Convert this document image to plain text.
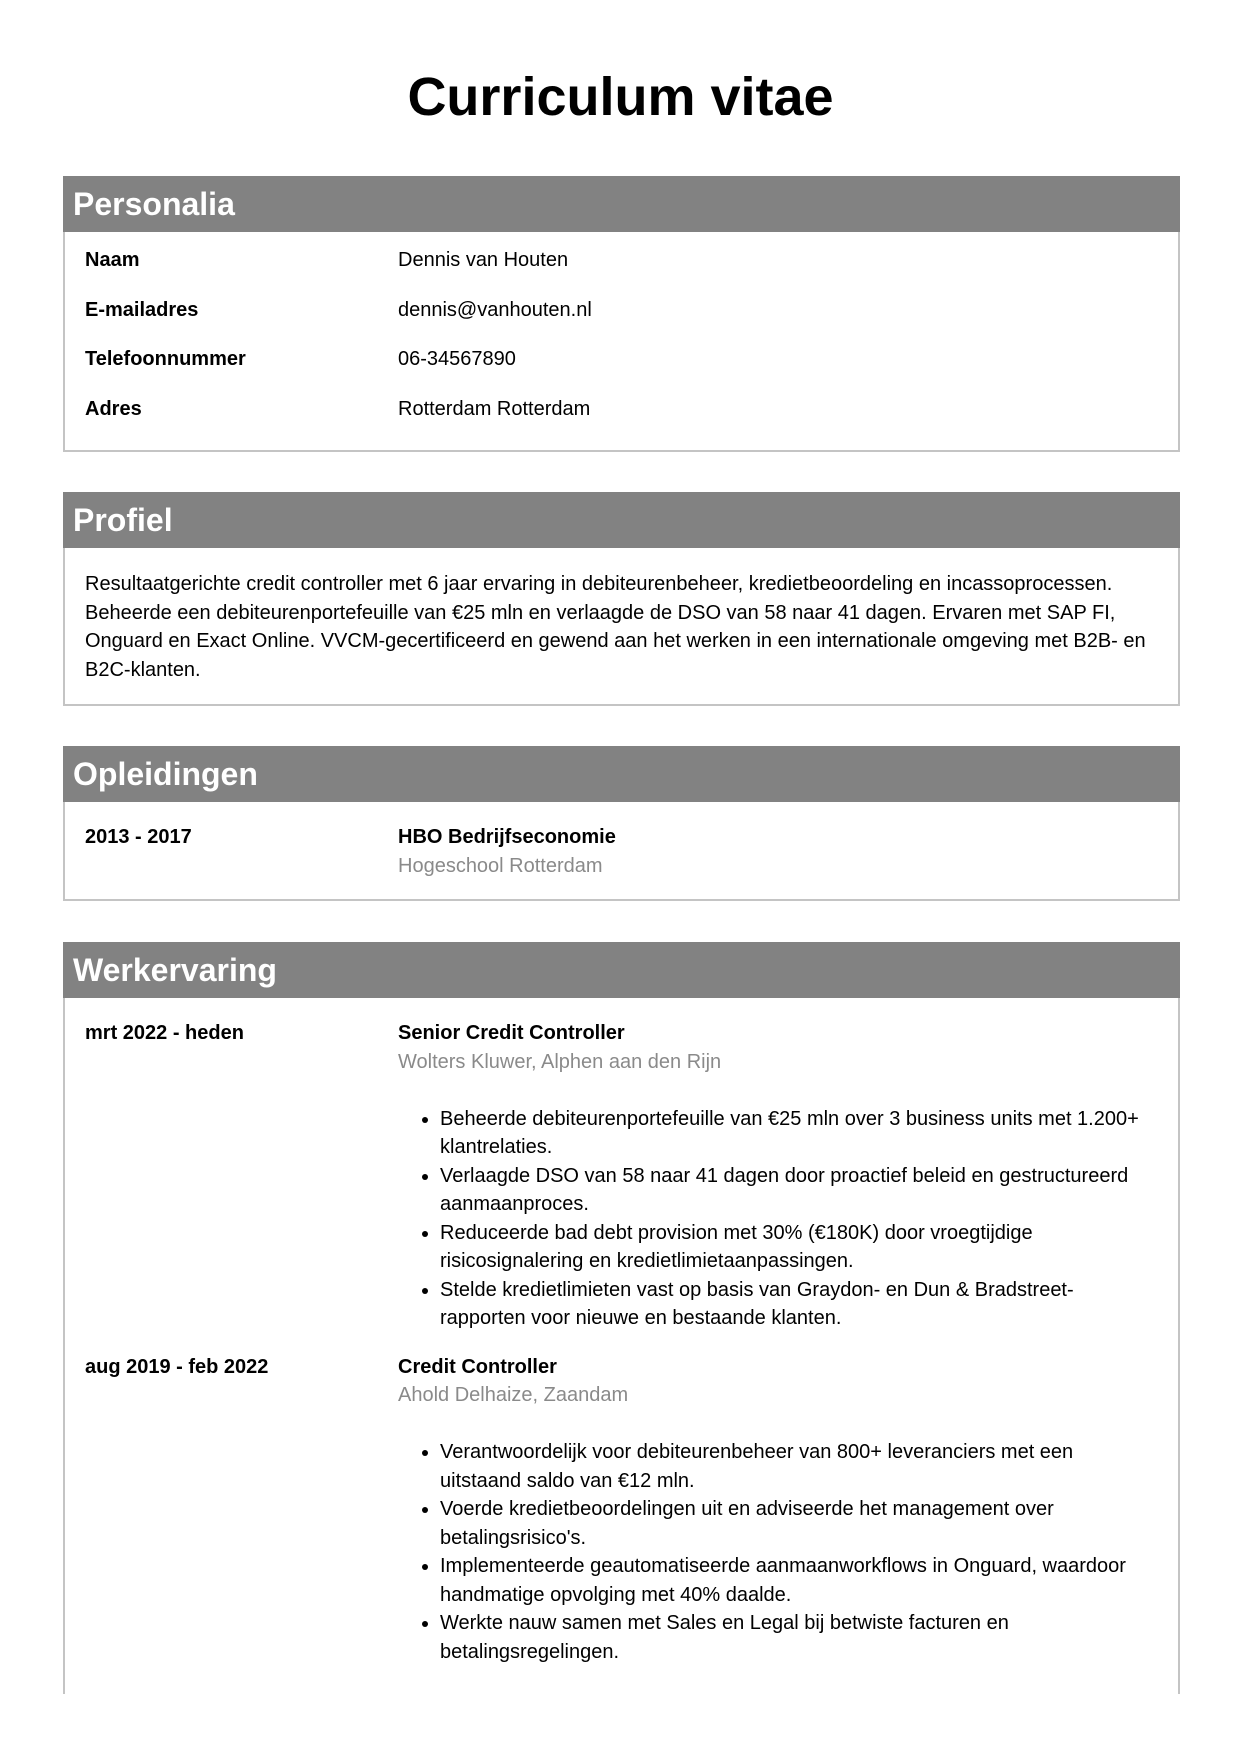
Curriculum vitae
Personalia
Naam	Dennis van Houten
E-mailadres	dennis@vanhouten.nl
Telefoonnummer	06-34567890
Adres	Rotterdam Rotterdam
Profiel
Resultaatgerichte credit controller met 6 jaar ervaring in debiteurenbeheer, kredietbeoordeling en incassoprocessen. Beheerde een debiteurenportefeuille van €25 mln en verlaagde de DSO van 58 naar 41 dagen. Ervaren met SAP FI, Onguard en Exact Online. VVCM-gecertificeerd en gewend aan het werken in een internationale omgeving met B2B- en B2C-klanten.
Opleidingen
2013 - 2017	HBO Bedrijfseconomie
Hogeschool Rotterdam
Werkervaring
mrt 2022 - heden	Senior Credit Controller
Wolters Kluwer, Alphen aan den Rijn
• Beheerde debiteurenportefeuille van €25 mln over 3 business units met 1.200+ klantrelaties.
• Verlaagde DSO van 58 naar 41 dagen door proactief beleid en gestructureerd aanmaanproces.
• Reduceerde bad debt provision met 30% (€180K) door vroegtijdige risicosignalering en kredietlimietaanpassingen.
• Stelde kredietlimieten vast op basis van Graydon- en Dun & Bradstreet-rapporten voor nieuwe en bestaande klanten.
aug 2019 - feb 2022	Credit Controller
Ahold Delhaize, Zaandam
• Verantwoordelijk voor debiteurenbeheer van 800+ leveranciers met een uitstaand saldo van €12 mln.
• Voerde kredietbeoordelingen uit en adviseerde het management over betalingsrisico's.
• Implementeerde geautomatiseerde aanmaanworkflows in Onguard, waardoor handmatige opvolging met 40% daalde.
• Werkte nauw samen met Sales en Legal bij betwiste facturen en betalingsregelingen.
